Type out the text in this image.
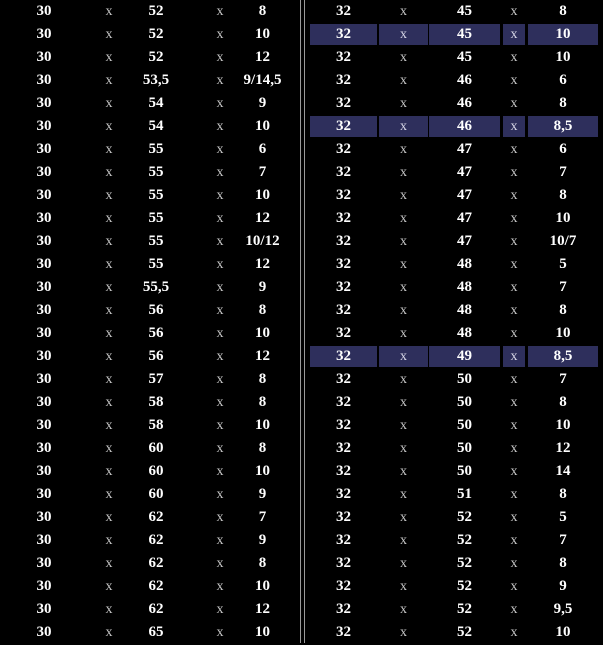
30	x	52	x	8
30	x	52	x	10
30	x	52	x	12
30	x	53,5	x	9/14,5
30	x	54	x	9
30	x	54	x	10
30	x	55	x	6
30	x	55	x	7
30	x	55	x	10
30	x	55	x	12
30	x	55	x	10/12
30	x	55	x	12
30	x	55,5	x	9
30	x	56	x	8
30	x	56	x	10
30	x	56	x	12
30	x	57	x	8
30	x	58	x	8
30	x	58	x	10
30	x	60	x	8
30	x	60	x	10
30	x	60	x	9
30	x	62	x	7
30	x	62	x	9
30	x	62	x	8
30	x	62	x	10
30	x	62	x	12
30	x	65	x	10
32	x	45	x	8
32	x	45	x	10
32	x	45	x	10
32	x	46	x	6
32	x	46	x	8
32	x	46	x	8,5
32	x	47	x	6
32	x	47	x	7
32	x	47	x	8
32	x	47	x	10
32	x	47	x	10/7
32	x	48	x	5
32	x	48	x	7
32	x	48	x	8
32	x	48	x	10
32	x	49	x	8,5
32	x	50	x	7
32	x	50	x	8
32	x	50	x	10
32	x	50	x	12
32	x	50	x	14
32	x	51	x	8
32	x	52	x	5
32	x	52	x	7
32	x	52	x	8
32	x	52	x	9
32	x	52	x	9,5
32	x	52	x	10
